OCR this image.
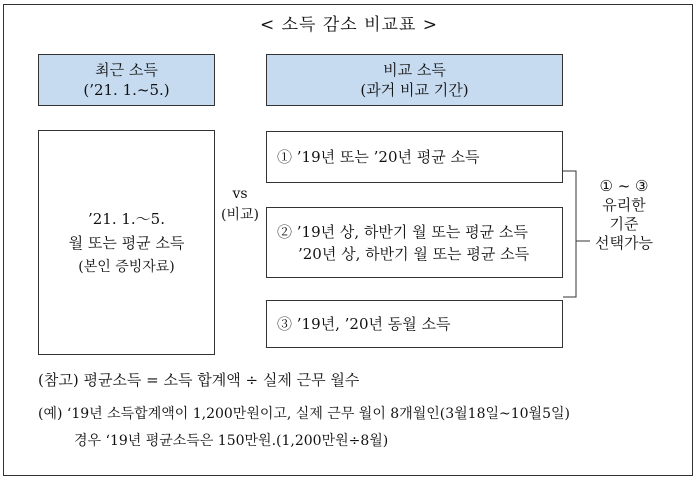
< 소득 감소 비교표 >
최근 소득
(’21. 1.~5.)
비교 소득
(과거 비교 기간)
’21. 1.～5.
월 또는 평균 소득
(본인 증빙자료)
vs
(비교)
① ’19년 또는 ’20년 평균 소득
② ’19년 상, 하반기 월 또는 평균 소득
’20년 상, 하반기 월 또는 평균 소득
③ ’19년, ’20년 동월 소득
① ~ ③
유리한
기준
선택가능
(참고) 평균소득 = 소득 합계액 ÷ 실제 근무 월수
(예) ‘19년 소득합계액이 1,200만원이고, 실제 근무 월이 8개월인(3월18일~10월5일)
경우 ‘19년 평균소득은 150만원.(1,200만원÷8월)
